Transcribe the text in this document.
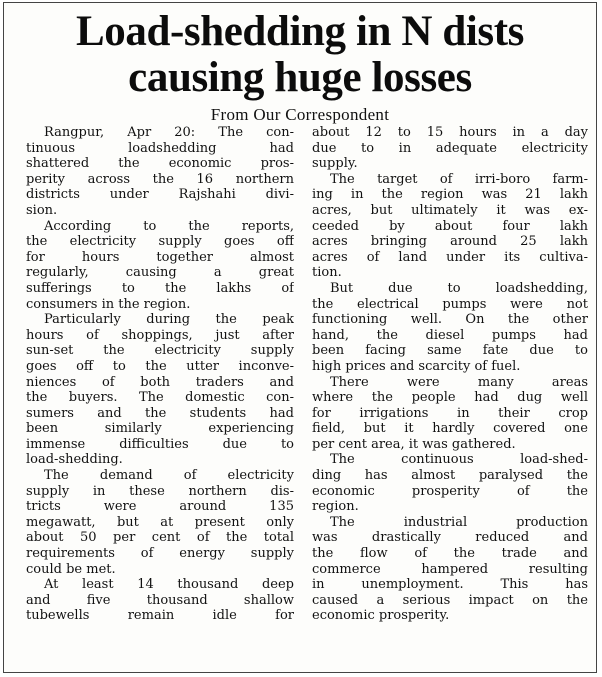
Load-shedding in N dists
causing huge losses
From Our Correspondent

Rangpur, Apr 20: The con-
tinuous loadshedding had
shattered the economic pros-
perity across the 16 northern
districts under Rajshahi divi-
sion.

According to the reports,
the electricity supply goes off
for hours together almost
regularly, causing a great
sufferings to the lakhs of
consumers in the region.

Particularly during the peak
hours of shoppings, just after
sun-set the electricity supply
goes off to the utter inconve-
niences of both traders and
the buyers. The domestic con-
sumers and the students had
been similarly experiencing
immense difficulties due to
load-shedding.

The demand of electricity
supply in these northern dis-
tricts were around 135
megawatt, but at present only
about 50 per cent of the total
requirements of energy supply
could be met.

At least 14 thousand deep
and five thousand shallow
tubewells remain idle for

about 12 to 15 hours in a day
due to in adequate electricity
supply.

The target of irri-boro farm-
ing in the region was 21 lakh
acres, but ultimately it was ex-
ceeded by about four lakh
acres bringing around 25 lakh
acres of land under its cultiva-
tion.

But due to loadshedding,
the electrical pumps were not
functioning well. On the other
hand, the diesel pumps had
been facing same fate due to
high prices and scarcity of fuel.

There were many areas
where the people had dug well
for irrigations in their crop
field, but it hardly covered one
per cent area, it was gathered.

The continuous load-shed-
ding has almost paralysed the
economic prosperity of the
region.

The industrial production
was drastically reduced and
the flow of the trade and
commerce hampered resulting
in unemployment. This has
caused a serious impact on the
economic prosperity.
